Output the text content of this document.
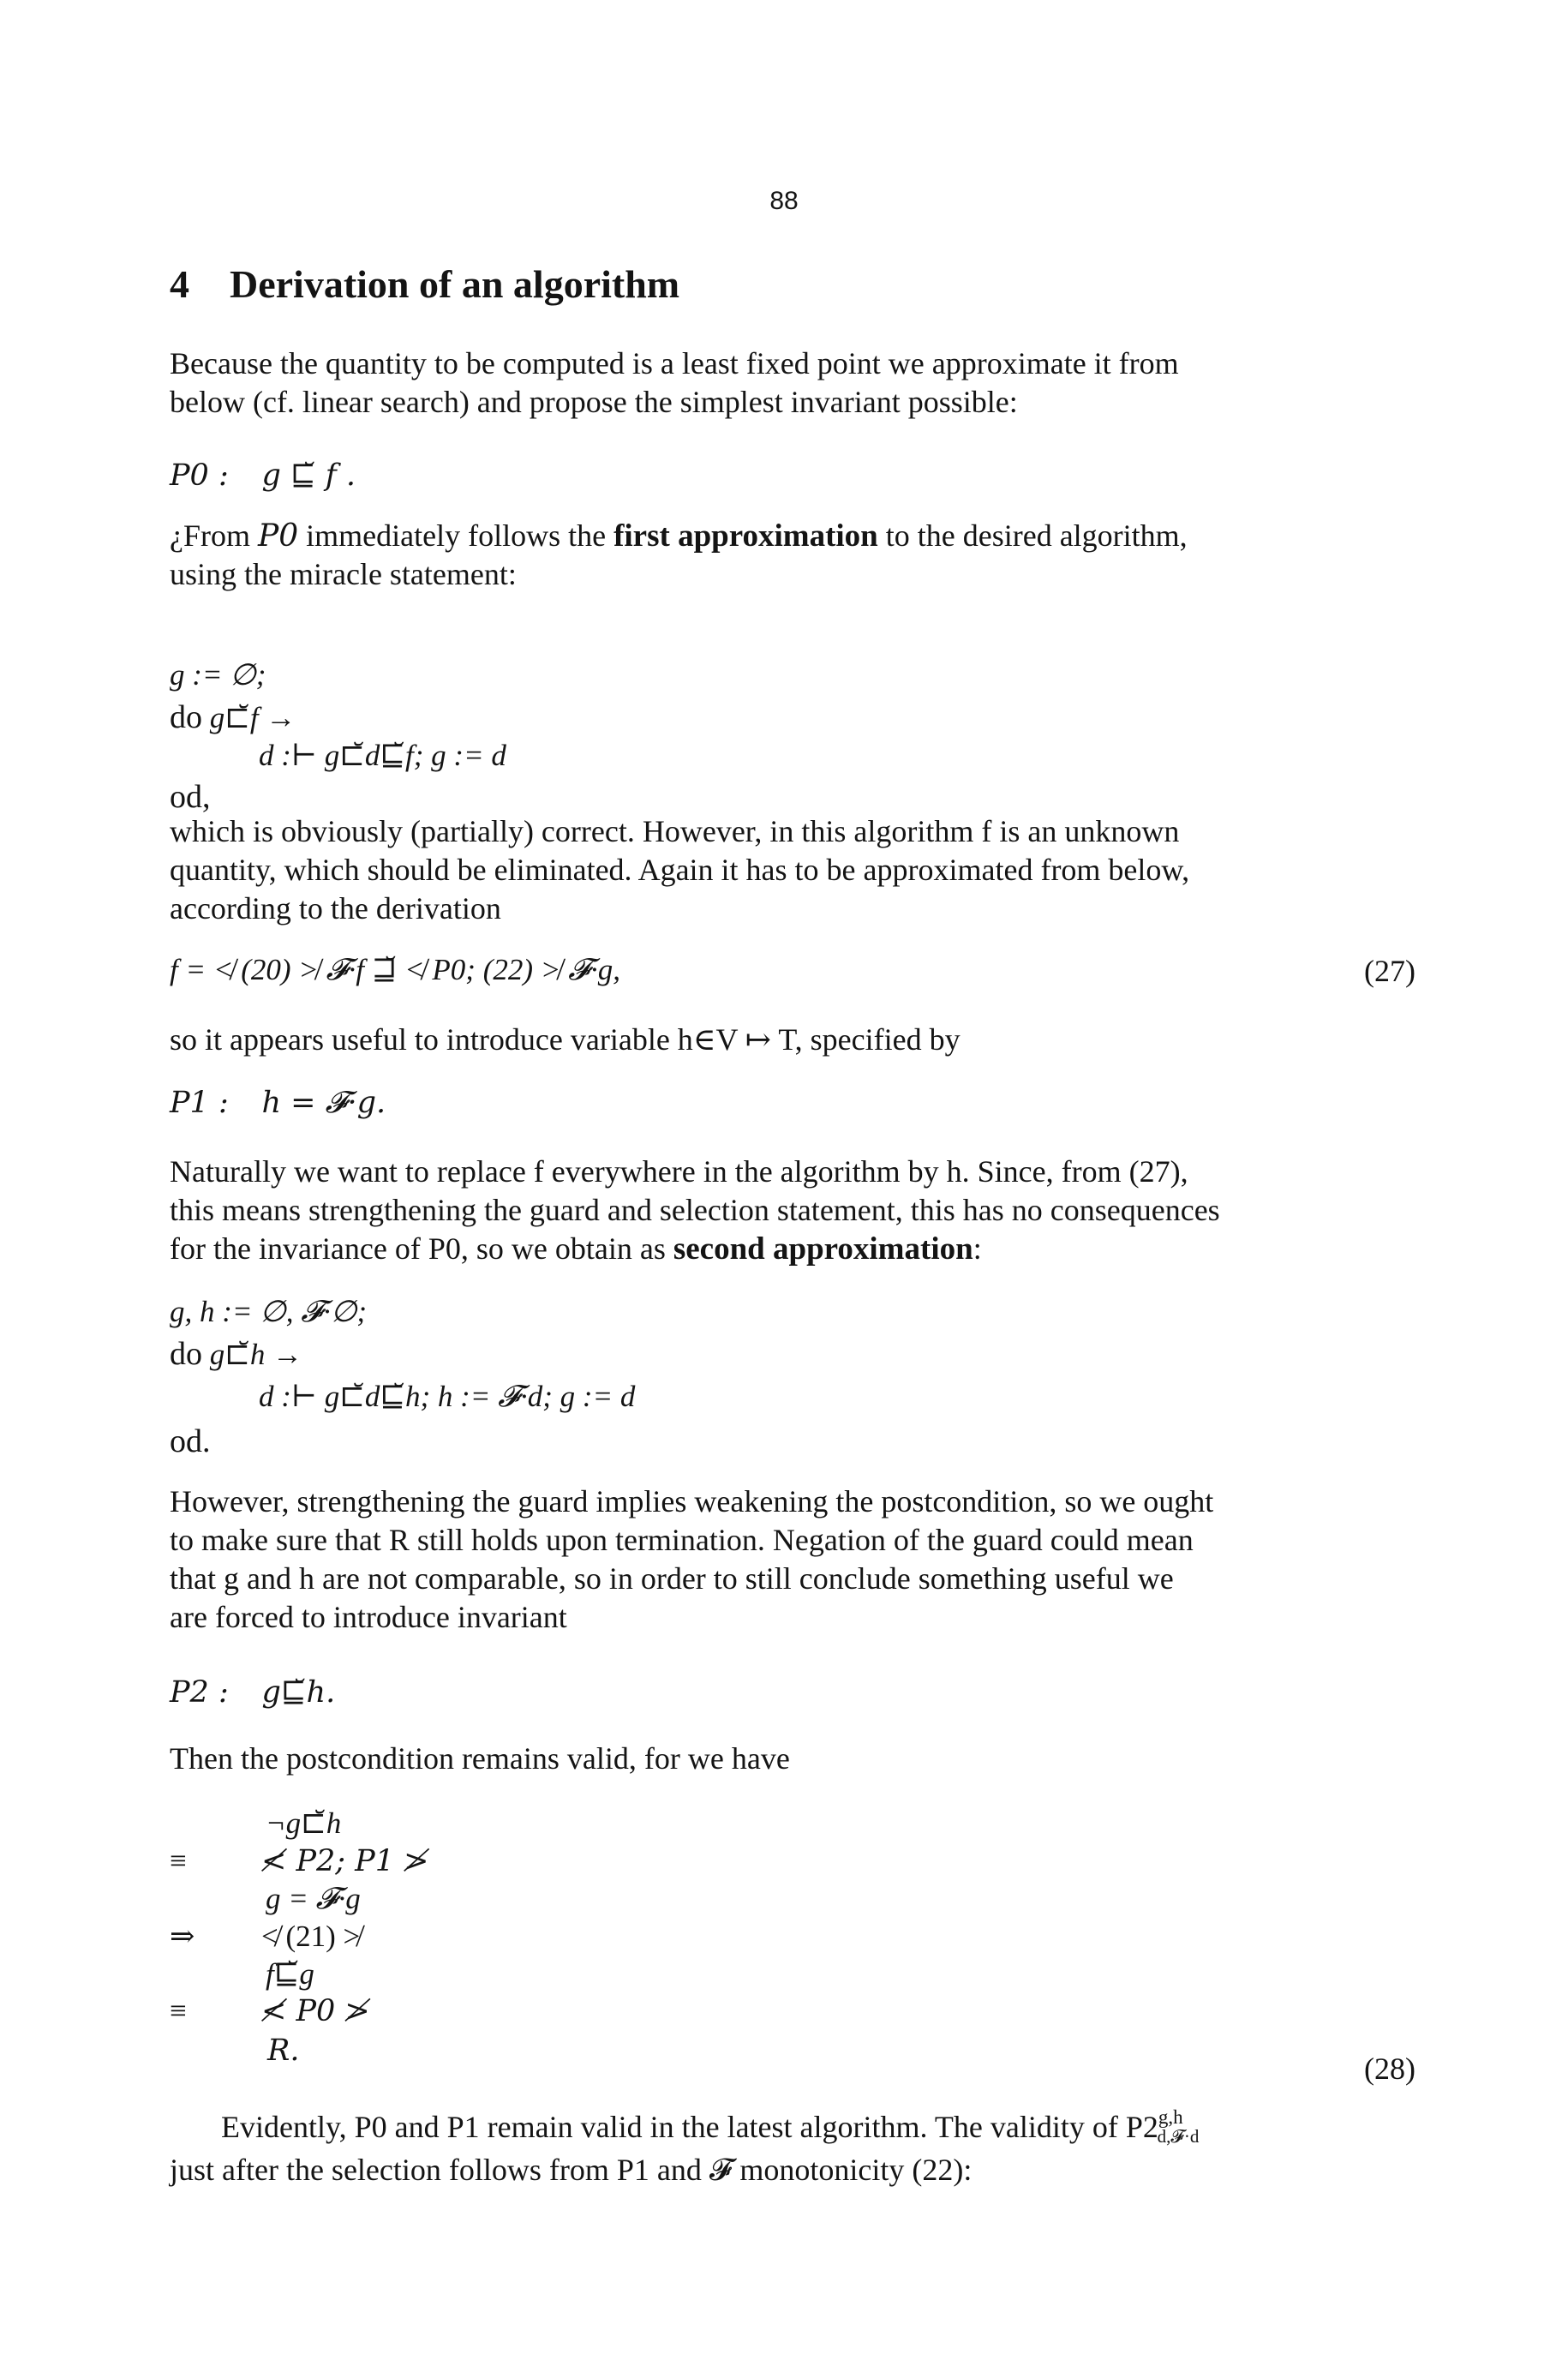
88
4 Derivation of an algorithm
Because the quantity to be computed is a least fixed point we approximate it from
below (cf. linear search) and propose the simplest invariant possible:
P0 : g ⊑̆ f .
¿From P0 immediately follows the first approximation to the desired algorithm,
using the miracle statement:
g := ∅;
do g⊏̆f →
d :⊢ g⊏̆d⊑̆f; g := d
od,
which is obviously (partially) correct. However, in this algorithm f is an unknown
quantity, which should be eliminated. Again it has to be approximated from below,
according to the derivation
f = ≮ (20) ≯ 𝓕·f ⊒̆ ≮ P0; (22) ≯ 𝓕·g,	(27)
so it appears useful to introduce variable h∈V ↦ T, specified by
P1 : h = 𝓕·g.
Naturally we want to replace f everywhere in the algorithm by h. Since, from (27),
this means strengthening the guard and selection statement, this has no consequences
for the invariance of P0, so we obtain as second approximation:
g, h := ∅, 𝓕·∅;
do g⊏̆h →
d :⊢ g⊏̆d⊑̆h; h := 𝓕·d; g := d
od.
However, strengthening the guard implies weakening the postcondition, so we ought
to make sure that R still holds upon termination. Negation of the guard could mean
that g and h are not comparable, so in order to still conclude something useful we
are forced to introduce invariant
P2 : g⊑̆h.
Then the postcondition remains valid, for we have
¬g⊏̆h
≡ ≮ P2; P1 ≯
g = 𝓕·g
⇒ ≮ (21) ≯
f⊑̆g
≡ ≮ P0 ≯
R.
(28)
Evidently, P0 and P1 remain valid in the latest algorithm. The validity of $P2^{g,h}d,𝓕\cdot d$
just after the selection follows from P1 and 𝓕 monotonicity (22):
